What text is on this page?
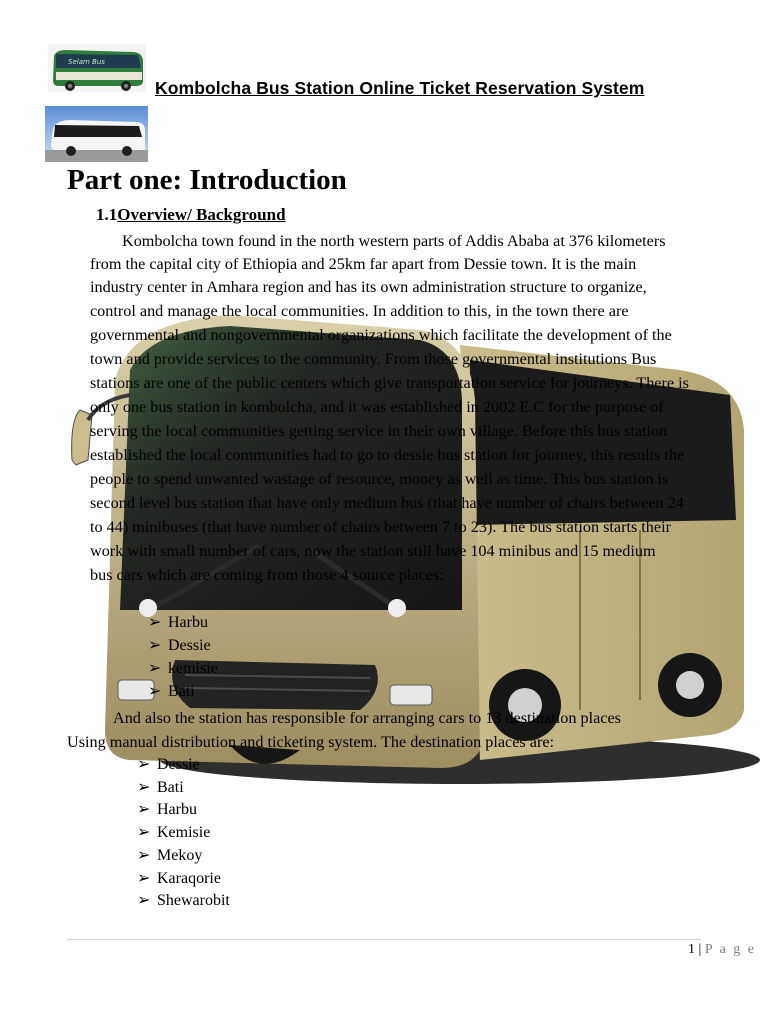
Selam Bus
Kombolcha Bus Station Online Ticket Reservation System
Part one: Introduction
1.1Overview/ Background
Kombolcha town found in the north western parts of Addis Ababa at 376 kilometers
from the capital city of Ethiopia and 25km far apart from Dessie town. It is the main
industry center in Amhara region and has its own administration structure to organize,
control and manage the local communities. In addition to this, in the town there are
governmental and nongovernmental organizations which facilitate the development of the
town and provide services to the community. From those governmental institutions Bus
stations are one of the public centers which give transportation service for journeys. There is
only one bus station in kombolcha, and it was established in 2002 E.C for the purpose of
serving the local communities getting service in their own village. Before this bus station
established the local communities had to go to dessie bus station for journey, this results the
people to spend unwanted wastage of resource, money as well as time. This bus station is
second level bus station that have only medium bus (that have number of chairs between 24
to 44) minibuses (that have number of chairs between 7 to 23). The bus station starts their
work with small number of cars, now the station still have 104 minibus and 15 medium
bus cars which are coming from those 4 source places:
➢ Harbu
➢ Dessie
➢ kemisie
➢ Bati
And also the station has responsible for arranging cars to 13 destination places
Using manual distribution and ticketing system. The destination places are:
➢ Dessie
➢ Bati
➢ Harbu
➢ Kemisie
➢ Mekoy
➢ Karaqorie
➢ Shewarobit
1 | P a g e
